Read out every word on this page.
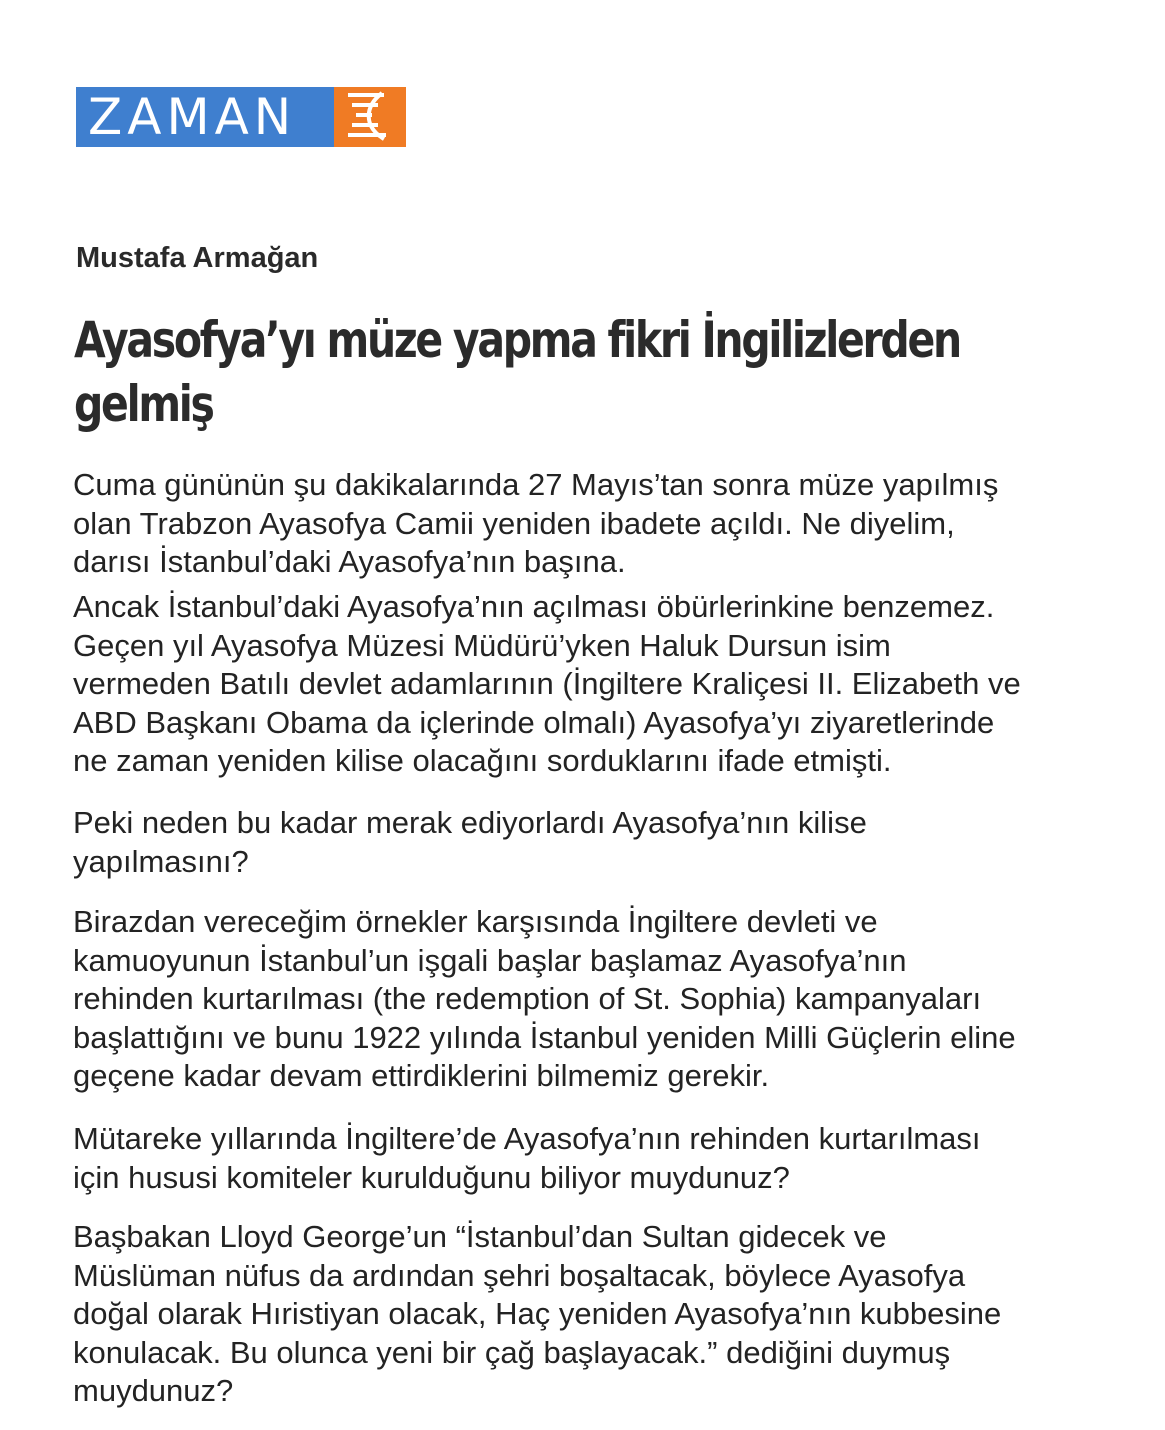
ZAMAN
Mustafa Armağan
Ayasofya’yı müze yapma fikri İngilizlerden
gelmiş

Cuma gününün şu dakikalarında 27 Mayıs’tan sonra müze yapılmış
olan Trabzon Ayasofya Camii yeniden ibadete açıldı. Ne diyelim,
darısı İstanbul’daki Ayasofya’nın başına.

Ancak İstanbul’daki Ayasofya’nın açılması öbürlerinkine benzemez.
Geçen yıl Ayasofya Müzesi Müdürü’yken Haluk Dursun isim
vermeden Batılı devlet adamlarının (İngiltere Kraliçesi II. Elizabeth ve
ABD Başkanı Obama da içlerinde olmalı) Ayasofya’yı ziyaretlerinde
ne zaman yeniden kilise olacağını sorduklarını ifade etmişti.

Peki neden bu kadar merak ediyorlardı Ayasofya’nın kilise
yapılmasını?

Birazdan vereceğim örnekler karşısında İngiltere devleti ve
kamuoyunun İstanbul’un işgali başlar başlamaz Ayasofya’nın
rehinden kurtarılması (the redemption of St. Sophia) kampanyaları
başlattığını ve bunu 1922 yılında İstanbul yeniden Milli Güçlerin eline
geçene kadar devam ettirdiklerini bilmemiz gerekir.

Mütareke yıllarında İngiltere’de Ayasofya’nın rehinden kurtarılması
için hususi komiteler kurulduğunu biliyor muydunuz?

Başbakan Lloyd George’un “İstanbul’dan Sultan gidecek ve
Müslüman nüfus da ardından şehri boşaltacak, böylece Ayasofya
doğal olarak Hıristiyan olacak, Haç yeniden Ayasofya’nın kubbesine
konulacak. Bu olunca yeni bir çağ başlayacak.” dediğini duymuş
muydunuz?
